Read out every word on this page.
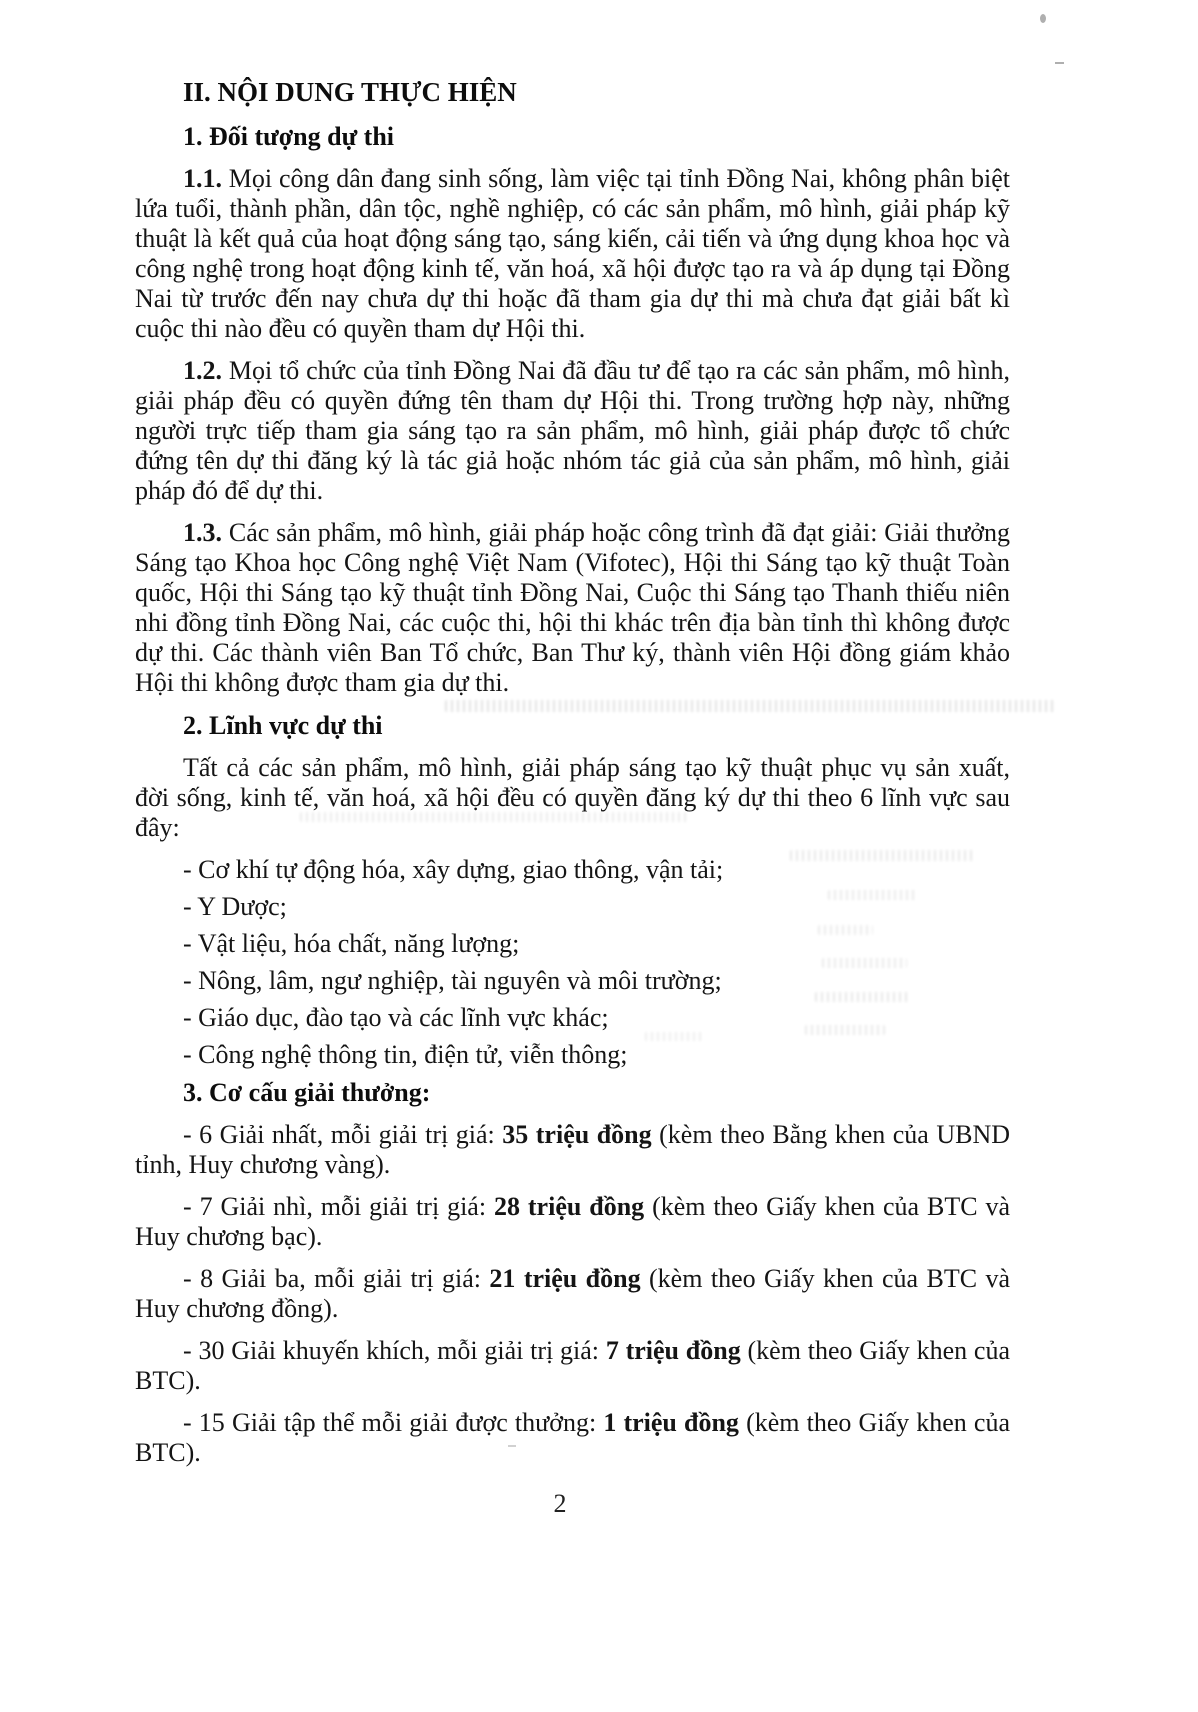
II. NỘI DUNG THỰC HIỆN
1. Đối tượng dự thi

1.1. Mọi công dân đang sinh sống, làm việc tại tỉnh Đồng Nai, không phân biệt lứa tuổi, thành phần, dân tộc, nghề nghiệp, có các sản phẩm, mô hình, giải pháp kỹ thuật là kết quả của hoạt động sáng tạo, sáng kiến, cải tiến và ứng dụng khoa học và công nghệ trong hoạt động kinh tế, văn hoá, xã hội được tạo ra và áp dụng tại Đồng Nai từ trước đến nay chưa dự thi hoặc đã tham gia dự thi mà chưa đạt giải bất kì cuộc thi nào đều có quyền tham dự Hội thi.

1.2. Mọi tổ chức của tỉnh Đồng Nai đã đầu tư để tạo ra các sản phẩm, mô hình, giải pháp đều có quyền đứng tên tham dự Hội thi. Trong trường hợp này, những người trực tiếp tham gia sáng tạo ra sản phẩm, mô hình, giải pháp được tổ chức đứng tên dự thi đăng ký là tác giả hoặc nhóm tác giả của sản phẩm, mô hình, giải pháp đó để dự thi.

1.3. Các sản phẩm, mô hình, giải pháp hoặc công trình đã đạt giải: Giải thưởng Sáng tạo Khoa học Công nghệ Việt Nam (Vifotec), Hội thi Sáng tạo kỹ thuật Toàn quốc, Hội thi Sáng tạo kỹ thuật tỉnh Đồng Nai, Cuộc thi Sáng tạo Thanh thiếu niên nhi đồng tỉnh Đồng Nai, các cuộc thi, hội thi khác trên địa bàn tỉnh thì không được dự thi. Các thành viên Ban Tổ chức, Ban Thư ký, thành viên Hội đồng giám khảo Hội thi không được tham gia dự thi.

2. Lĩnh vực dự thi

Tất cả các sản phẩm, mô hình, giải pháp sáng tạo kỹ thuật phục vụ sản xuất, đời sống, kinh tế, văn hoá, xã hội đều có quyền đăng ký dự thi theo 6 lĩnh vực sau đây:

- Cơ khí tự động hóa, xây dựng, giao thông, vận tải;

- Y Dược;

- Vật liệu, hóa chất, năng lượng;

- Nông, lâm, ngư nghiệp, tài nguyên và môi trường;

- Giáo dục, đào tạo và các lĩnh vực khác;

- Công nghệ thông tin, điện tử, viễn thông;

3. Cơ cấu giải thưởng:

- 6 Giải nhất, mỗi giải trị giá: 35 triệu đồng (kèm theo Bằng khen của UBND tỉnh, Huy chương vàng).

- 7 Giải nhì, mỗi giải trị giá: 28 triệu đồng (kèm theo Giấy khen của BTC và Huy chương bạc).

- 8 Giải ba, mỗi giải trị giá: 21 triệu đồng (kèm theo Giấy khen của BTC và Huy chương đồng).

- 30 Giải khuyến khích, mỗi giải trị giá: 7 triệu đồng (kèm theo Giấy khen của BTC).

- 15 Giải tập thể mỗi giải được thưởng: 1 triệu đồng (kèm theo Giấy khen của BTC).

2
